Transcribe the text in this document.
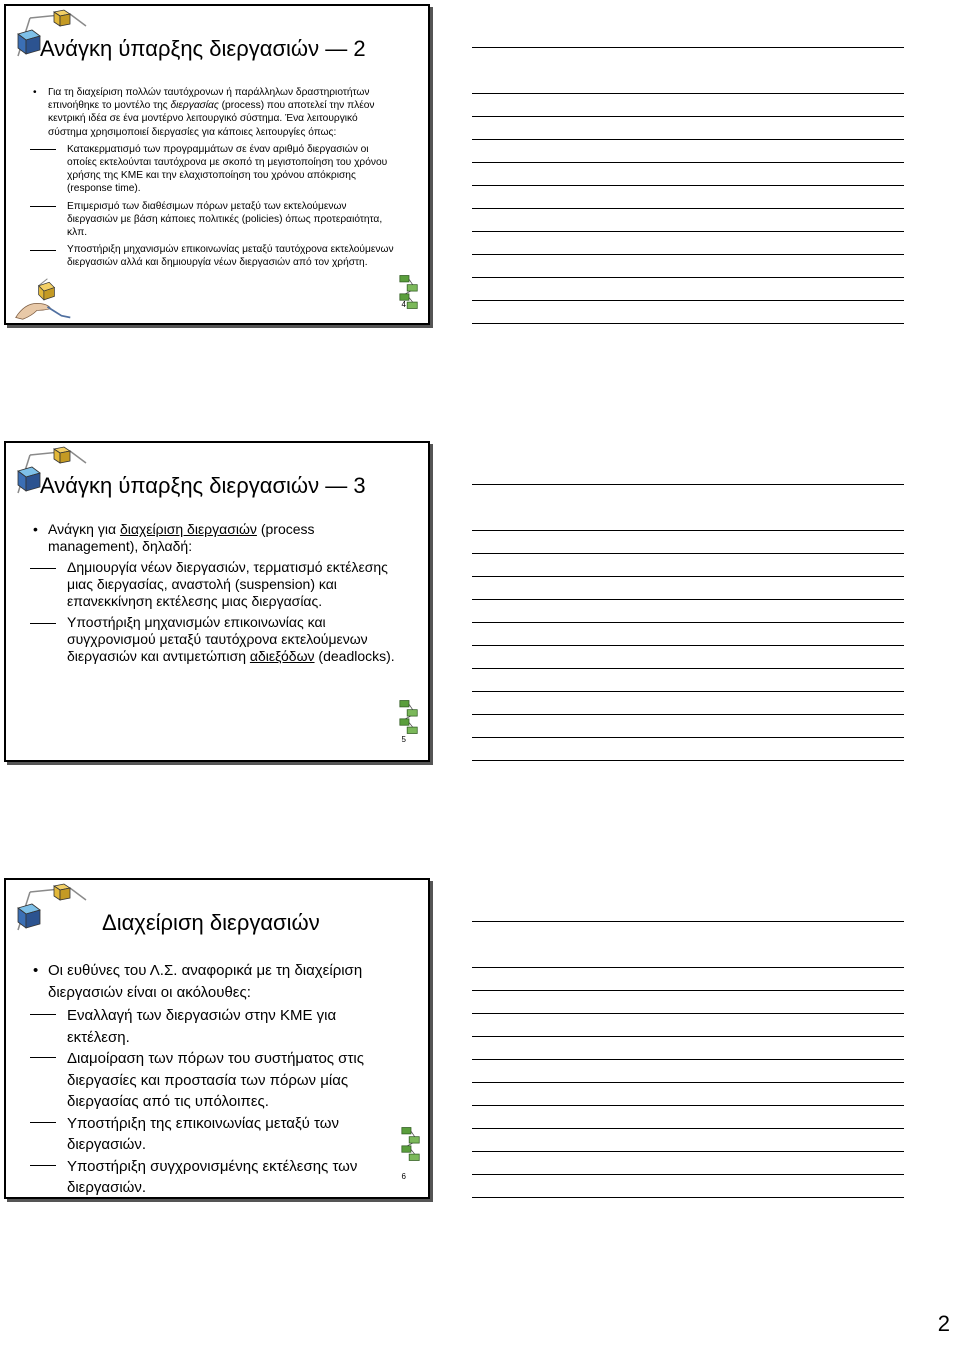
Ανάγκη ύπαρξης διεργασιών — 2
• Για τη διαχείριση πολλών ταυτόχρονων ή παράλληλων δραστηριοτήτων επινοήθηκε το μοντέλο της διεργασίας (process) που αποτελεί την πλέον κεντρική ιδέα σε ένα μοντέρνο λειτουργικό σύστημα. Ένα λειτουργικό σύστημα χρησιμοποιεί διεργασίες για κάποιες λειτουργίες όπως:
Κατακερματισμό των προγραμμάτων σε έναν αριθμό διεργασιών οι οποίες εκτελούνται ταυτόχρονα με σκοπό τη μεγιστοποίηση του χρόνου χρήσης της ΚΜΕ και την ελαχιστοποίηση του χρόνου απόκρισης (response time).
Επιμερισμό των διαθέσιμων πόρων μεταξύ των εκτελούμενων διεργασιών με βάση κάποιες πολιτικές (policies) όπως προτεραιότητα, κλπ.
Υποστήριξη μηχανισμών επικοινωνίας μεταξύ ταυτόχρονα εκτελούμενων διεργασιών αλλά και δημιουργία νέων διεργασιών από τον χρήστη.
4
Ανάγκη ύπαρξης διεργασιών — 3
• Ανάγκη για διαχείριση διεργασιών (process management), δηλαδή:
Δημιουργία νέων διεργασιών, τερματισμό εκτέλεσης μιας διεργασίας, αναστολή (suspension) και επανεκκίνηση εκτέλεσης μιας διεργασίας.
Υποστήριξη μηχανισμών επικοινωνίας και συγχρονισμού μεταξύ ταυτόχρονα εκτελούμενων διεργασιών και αντιμετώπιση αδιεξόδων (deadlocks).
5
Διαχείριση διεργασιών
• Οι ευθύνες του Λ.Σ. αναφορικά με τη διαχείριση διεργασιών είναι οι ακόλουθες:
Εναλλαγή των διεργασιών στην ΚΜΕ για εκτέλεση.
Διαμοίραση των πόρων του συστήματος στις διεργασίες και προστασία των πόρων μίας διεργασίας από τις υπόλοιπες.
Υποστήριξη της επικοινωνίας μεταξύ των διεργασιών.
Υποστήριξη συγχρονισμένης εκτέλεσης των διεργασιών.
6
2
